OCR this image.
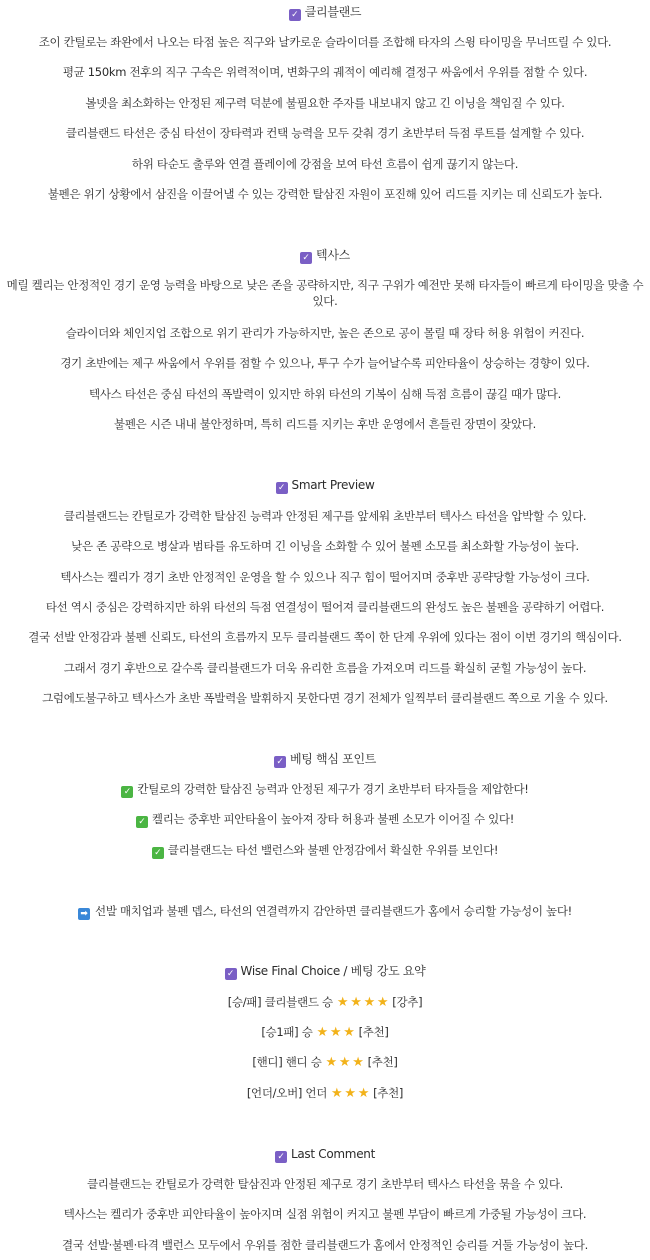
✓ 클리블랜드
조이 칸틸로는 좌완에서 나오는 타점 높은 직구와 날카로운 슬라이더를 조합해 타자의 스윙 타이밍을 무너뜨릴 수 있다.
평균 150km 전후의 직구 구속은 위력적이며, 변화구의 궤적이 예리해 결정구 싸움에서 우위를 점할 수 있다.
볼넷을 최소화하는 안정된 제구력 덕분에 불필요한 주자를 내보내지 않고 긴 이닝을 책임질 수 있다.
클리블랜드 타선은 중심 타선이 장타력과 컨택 능력을 모두 갖춰 경기 초반부터 득점 루트를 설계할 수 있다.
하위 타순도 출루와 연결 플레이에 강점을 보여 타선 흐름이 쉽게 끊기지 않는다.
불펜은 위기 상황에서 삼진을 이끌어낼 수 있는 강력한 탈삼진 자원이 포진해 있어 리드를 지키는 데 신뢰도가 높다.
✓ 텍사스
메릴 켈리는 안정적인 경기 운영 능력을 바탕으로 낮은 존을 공략하지만, 직구 구위가 예전만 못해 타자들이 빠르게 타이밍을 맞출 수 있다.
슬라이더와 체인지업 조합으로 위기 관리가 가능하지만, 높은 존으로 공이 몰릴 때 장타 허용 위험이 커진다.
경기 초반에는 제구 싸움에서 우위를 점할 수 있으나, 투구 수가 늘어날수록 피안타율이 상승하는 경향이 있다.
텍사스 타선은 중심 타선의 폭발력이 있지만 하위 타선의 기복이 심해 득점 흐름이 끊길 때가 많다.
불펜은 시즌 내내 불안정하며, 특히 리드를 지키는 후반 운영에서 흔들린 장면이 잦았다.
✓ Smart Preview
클리블랜드는 칸틸로가 강력한 탈삼진 능력과 안정된 제구를 앞세워 초반부터 텍사스 타선을 압박할 수 있다.
낮은 존 공략으로 병살과 범타를 유도하며 긴 이닝을 소화할 수 있어 불펜 소모를 최소화할 가능성이 높다.
텍사스는 켈리가 경기 초반 안정적인 운영을 할 수 있으나 직구 힘이 떨어지며 중후반 공략당할 가능성이 크다.
타선 역시 중심은 강력하지만 하위 타선의 득점 연결성이 떨어져 클리블랜드의 완성도 높은 불펜을 공략하기 어렵다.
결국 선발 안정감과 불펜 신뢰도, 타선의 흐름까지 모두 클리블랜드 쪽이 한 단계 우위에 있다는 점이 이번 경기의 핵심이다.
그래서 경기 후반으로 갈수록 클리블랜드가 더욱 유리한 흐름을 가져오며 리드를 확실히 굳힐 가능성이 높다.
그럼에도불구하고 텍사스가 초반 폭발력을 발휘하지 못한다면 경기 전체가 일찍부터 클리블랜드 쪽으로 기울 수 있다.
✓ 베팅 핵심 포인트
✓ 칸틸로의 강력한 탈삼진 능력과 안정된 제구가 경기 초반부터 타자들을 제압한다!
✓ 켈리는 중후반 피안타율이 높아져 장타 허용과 불펜 소모가 이어질 수 있다!
✓ 클리블랜드는 타선 밸런스와 불펜 안정감에서 확실한 우위를 보인다!
➡ 선발 매치업과 불펜 뎁스, 타선의 연결력까지 감안하면 클리블랜드가 홈에서 승리할 가능성이 높다!
✓ Wise Final Choice / 베팅 강도 요약
[승/패] 클리블랜드 승 ★ ★ ★ ★ [강추]
[승1패] 승 ★ ★ ★ [추천]
[핸디] 핸디 승 ★ ★ ★ [추천]
[언더/오버] 언더 ★ ★ ★ [추천]
✓ Last Comment
클리블랜드는 칸틸로가 강력한 탈삼진과 안정된 제구로 경기 초반부터 텍사스 타선을 묶을 수 있다.
텍사스는 켈리가 중후반 피안타율이 높아지며 실점 위험이 커지고 불펜 부담이 빠르게 가중될 가능성이 크다.
결국 선발·불펜·타격 밸런스 모두에서 우위를 점한 클리블랜드가 홈에서 안정적인 승리를 거둘 가능성이 높다.
